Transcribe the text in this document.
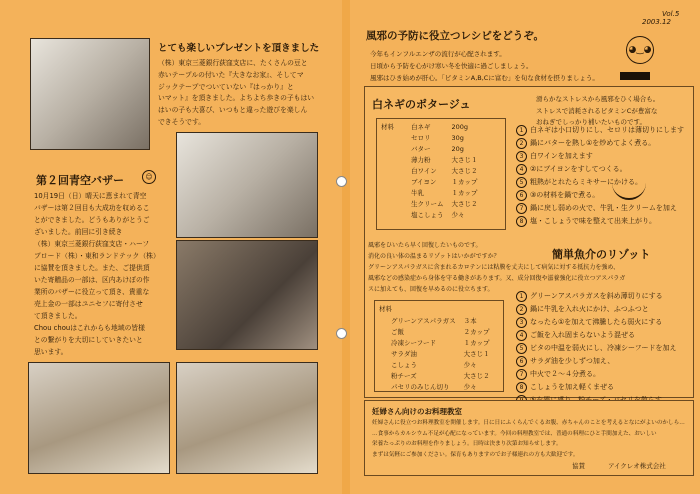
とても楽しいプレゼントを頂きました

（株）東京三菱銀行荻窪支店に、たくさんの豆と
赤いテープルの付いた『大きなお家』、そしてマ
ジックテープでついていない『はっかり』と
いマット』を頂きました。よちよち歩きの子もはい
はいの子も大喜び、いつもと違った遊びを楽しん
できそうです。

第２回青空バザー	☺

10月19日（日）晴天に恵まれて青空
バザーは第２回目も大成功を収めるこ
とができました。どうもありがとうご
ざいました。前回に引き続き
（株）東京三菱銀行荻窪支店・ハーフ
ブロード（株）・東和ランドテック（株）
に協賛を頂きました。また、ご提供頂
いた寄贈品の一部は、区内あけぼの作
業所のバザーに役立って頂き、貴重な
売上金の一部はユニセフに寄付させ
て頂きました。
Chou chouはこれからも地域の皆様
との繋がりを大切にしていきたいと
思います。

風邪の予防に役立つレシピをどうぞ。

Vol.5
2003.12
◕‿◕

今年もインフルエンザの流行が心配されます。
日頃から予防を心がけ寒い冬を快適に過ごしましょう。
風邪はひき始めが肝心。「ビタミンA,B,Cに富む」を旬な食材を摂りましょう。

白ネギのポタージュ	滑らかなストレスから風邪をひく場合も。
ストレスで消耗されるビタミンCが豊富な
おねぎでしっかり補いたいものです。

材料	白ネギ	200g
セロリ	30g
バター	20g
薄力粉	大さじ１
白ワイン	大さじ２
ブイヨン	１カップ
牛乳	１カップ
生クリーム	大さじ２
塩こしょう	少々
1 白ネギは小口切りにし、セロリは薄切りにします
2 鍋にバターを熱し①を炒めてよく煮る。
3 白ワインを加えます
4 ②にブイヨンをすしてつくる。
5 粗熱がとれたらミキサーにかける。
6 ③の材料を鍋で煮る。
7 鍋に戻し弱めの火で、牛乳・生クリームを加え
8 塩・こしょうで味を整えて出来上がり。

風邪をひいたら早く回復したいものです。
消化の良い体の温まるリゾットはいかがですか？
グリーンアスパラガスに含まれるカロテンには粘膜を丈夫にして病気に対する抵抗力を強め、
風邪などの感染症から身体を守る働きがあります。又、成分回復や滋養強化に役立つアスパラガ
スに加えても、回復を早めるのに役立ちます。

簡単魚介のリゾット

材料
グリーンアスパラガス	３本
ご飯	２カップ
冷凍シーフード	１カップ
サラダ油	大さじ１
こしょう	少々
粉チーズ	大さじ２
パセリのみじん切り	少々
1 グリーンアスパラガスを斜め薄切りにする
2 鍋に牛乳を入れ火にかけ、ふつふつと
3 なったら①を加えて沸騰したら弱火にする
4 ご飯を入れ固まらないよう混ぜる
5 ビタの中温を弱火にし、冷凍シーフードを加え
6 サラダ油を少しずつ加え、
7 中火で２〜４分煮る。
8 こしょうを加え軽くまぜる

妊婦さん向けのお料理教室

妊婦さんに役立つお料理教室を開催します。日に日にふくらんでくるお腹、赤ちゃんのことを考えるとなにがよいのかしら…
…食事からカルシウム不足が心配になっています。今回の料理教室では、普通の料理にひと手間加えた、おいしい
栄養たっぷりのお料理を作りましょう。日時は決まり次第お知らせします。
まずは気軽にご参加ください。保育もありますのでお子様連れの方も大歓迎です。

協賛	アイクレオ株式会社
